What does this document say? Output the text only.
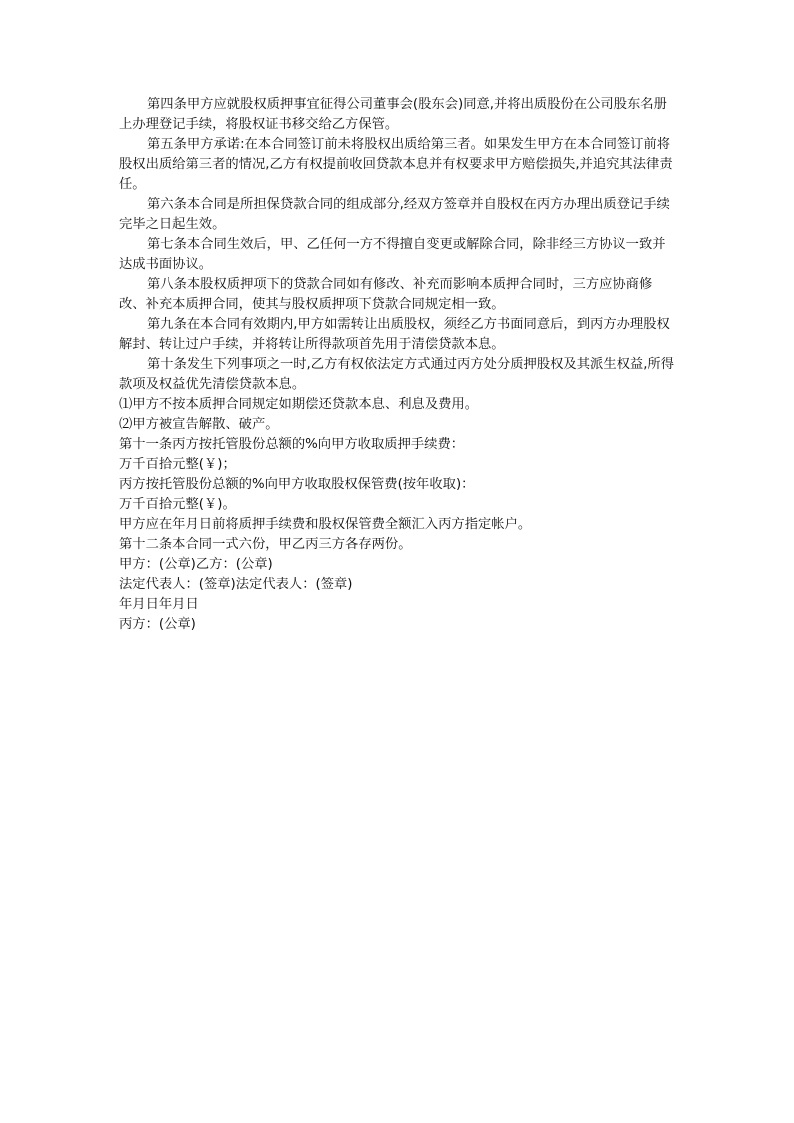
第四条甲方应就股权质押事宜征得公司董事会(股东会)同意,并将出质股份在公司股东名册上办理登记手续，将股权证书移交给乙方保管。

第五条甲方承诺:在本合同签订前未将股权出质给第三者。如果发生甲方在本合同签订前将股权出质给第三者的情况,乙方有权提前收回贷款本息并有权要求甲方赔偿损失,并追究其法律责任。

第六条本合同是所担保贷款合同的组成部分,经双方签章并自股权在丙方办理出质登记手续完毕之日起生效。

第七条本合同生效后，甲、乙任何一方不得擅自变更或解除合同，除非经三方协议一致并达成书面协议。

第八条本股权质押项下的贷款合同如有修改、补充而影响本质押合同时，三方应协商修改、补充本质押合同，使其与股权质押项下贷款合同规定相一致。

第九条在本合同有效期内,甲方如需转让出质股权，须经乙方书面同意后，到丙方办理股权解封、转让过户手续，并将转让所得款项首先用于清偿贷款本息。

第十条发生下列事项之一时,乙方有权依法定方式通过丙方处分质押股权及其派生权益,所得款项及权益优先清偿贷款本息。

⑴甲方不按本质押合同规定如期偿还贷款本息、利息及费用。

⑵甲方被宣告解散、破产。

第十一条丙方按托管股份总额的%向甲方收取质押手续费：

万千百拾元整(￥)；

丙方按托管股份总额的%向甲方收取股权保管费(按年收取)：

万千百拾元整(￥)。

甲方应在年月日前将质押手续费和股权保管费全额汇入丙方指定帐户。

第十二条本合同一式六份，甲乙丙三方各存两份。

甲方：(公章)乙方：(公章)

法定代表人：(签章)法定代表人：(签章)

年月日年月日

丙方：(公章)
